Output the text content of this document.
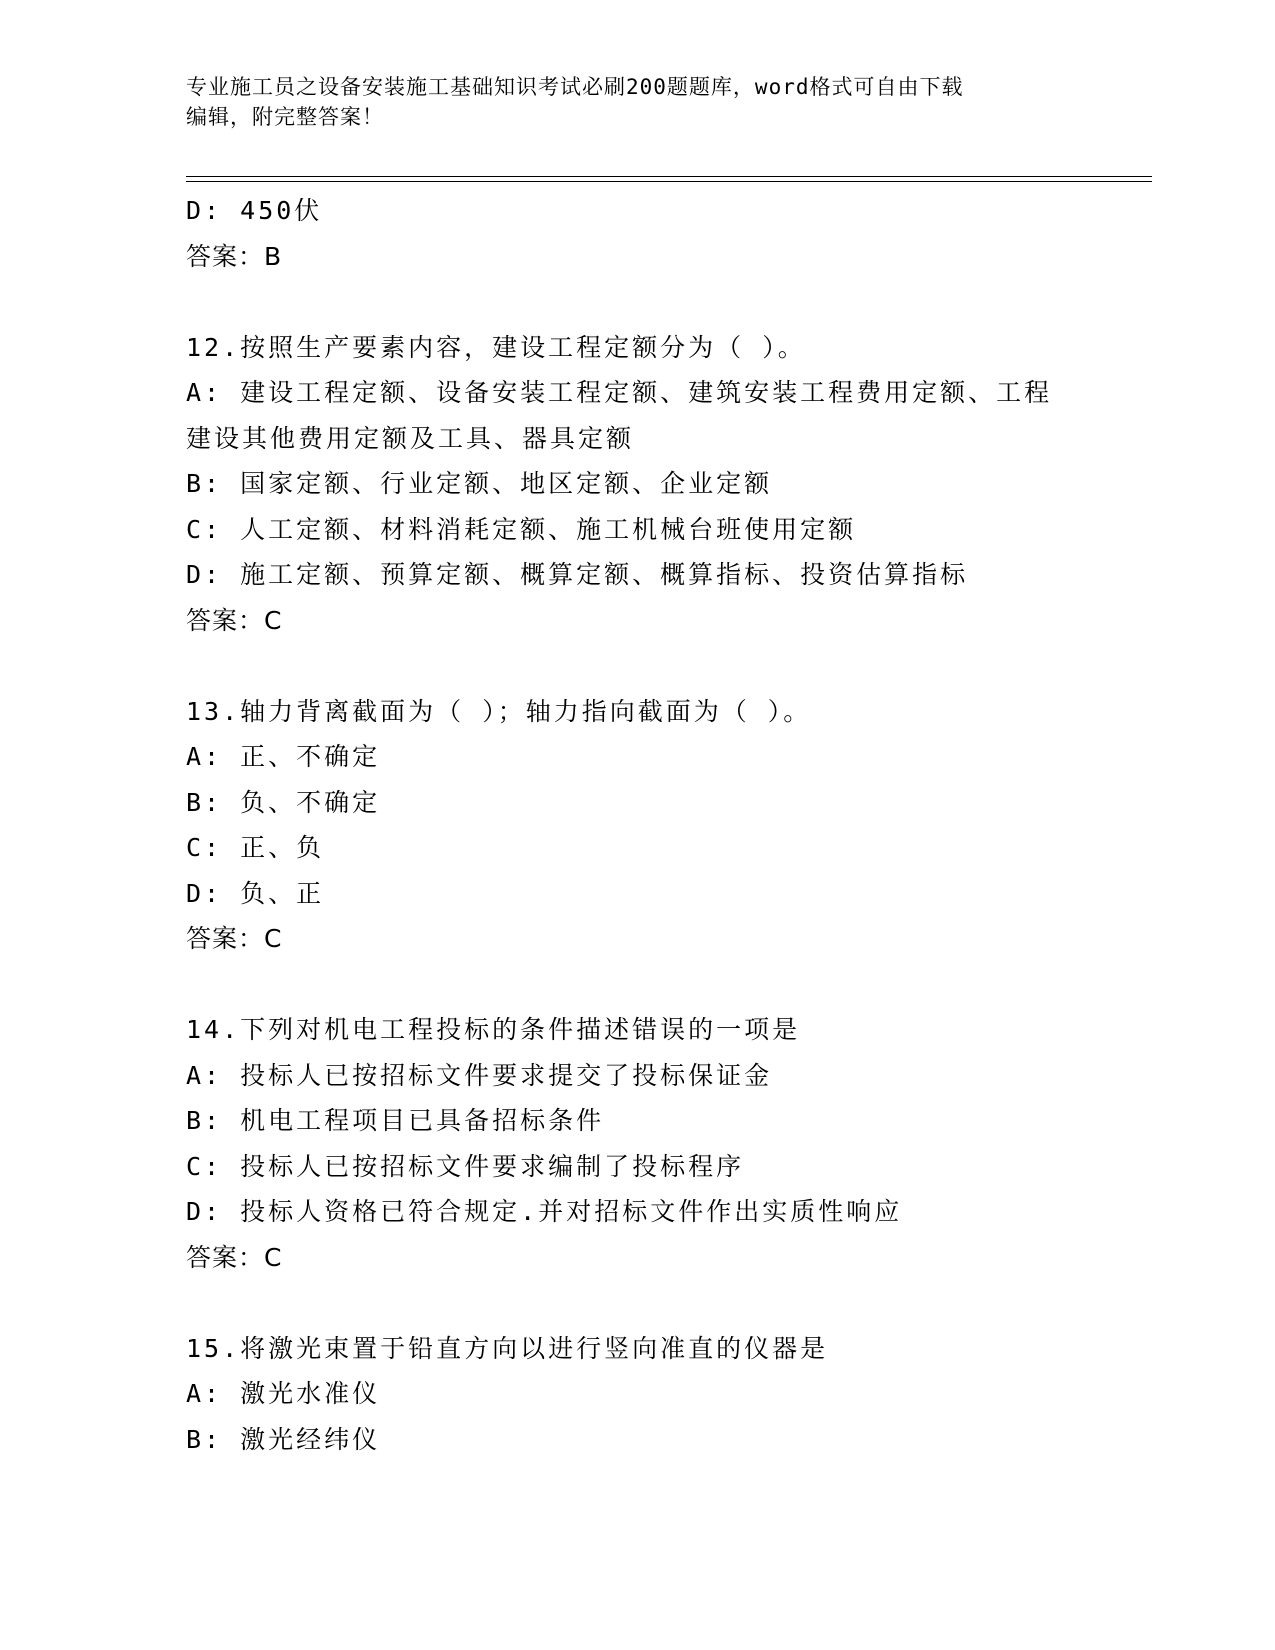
专业施工员之设备安装施工基础知识考试必刷200题题库，word格式可自由下载
编辑，附完整答案！
D: 450伏
答案：B
12.按照生产要素内容，建设工程定额分为（ ）。
A: 建设工程定额、设备安装工程定额、建筑安装工程费用定额、工程
建设其他费用定额及工具、器具定额
B: 国家定额、行业定额、地区定额、企业定额
C: 人工定额、材料消耗定额、施工机械台班使用定额
D: 施工定额、预算定额、概算定额、概算指标、投资估算指标
答案：C
13.轴力背离截面为（ ）；轴力指向截面为（ ）。
A: 正、不确定
B: 负、不确定
C: 正、负
D: 负、正
答案：C
14.下列对机电工程投标的条件描述错误的一项是
A: 投标人已按招标文件要求提交了投标保证金
B: 机电工程项目已具备招标条件
C: 投标人已按招标文件要求编制了投标程序
D: 投标人资格已符合规定.并对招标文件作出实质性响应
答案：C
15.将激光束置于铅直方向以进行竖向准直的仪器是
A: 激光水准仪
B: 激光经纬仪
